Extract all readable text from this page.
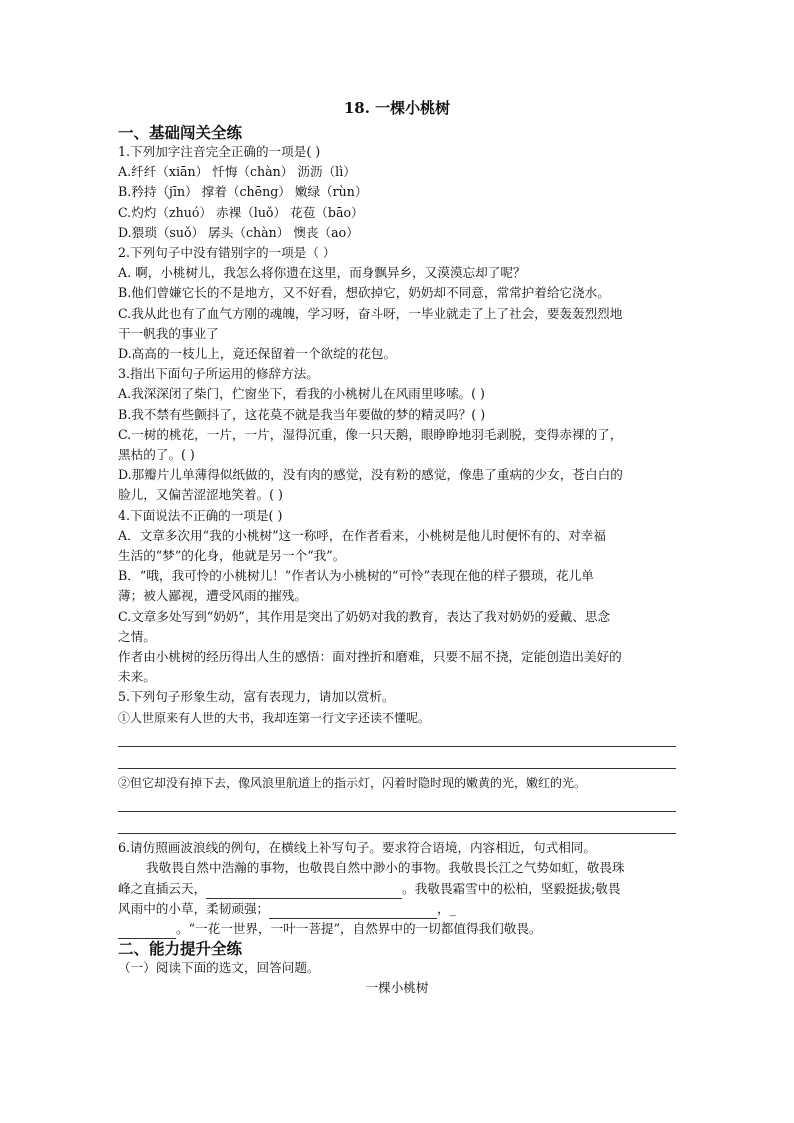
18. 一棵小桃树
一、基础闯关全练

1.下列加字注音完全正确的一项是( )

A.纤纤（xiān） 忏悔（chàn） 沥沥（lì）

B.矜持（jīn） 撑着（chēng） 嫩绿（rùn）

C.灼灼（zhuó） 赤裸（luǒ） 花苞（bāo）

D.猥琐（suǒ） 孱头（chàn） 懊丧（ao）

2.下列句子中没有错别字的一项是（ ）

A. 啊，小桃树儿，我怎么将你遗在这里，而身飘异乡，又漠漠忘却了呢？

B.他们曾嫌它长的不是地方，又不好看，想砍掉它，奶奶却不同意，常常护着给它浇水。

C.我从此也有了血气方刚的魂魄，学习呀，奋斗呀，一毕业就走了上了社会，要轰轰烈烈地

干一帆我的事业了

D.高高的一枝儿上，竟还保留着一个欲绽的花包。

3.指出下面句子所运用的修辞方法。

A.我深深闭了柴门，伫窗坐下，看我的小桃树儿在风雨里哆嗦。( )

B.我不禁有些颤抖了，这花莫不就是我当年要做的梦的精灵吗？( )

C.一树的桃花，一片，一片，湿得沉重，像一只天鹅，眼睁睁地羽毛剥脱，变得赤裸的了，

黑枯的了。( )

D.那瓣片儿单薄得似纸做的，没有肉的感觉，没有粉的感觉，像患了重病的少女，苍白白的

脸儿，又偏苦涩涩地笑着。( )

4.下面说法不正确的一项是( )

A．文章多次用“我的小桃树”这一称呼，在作者看来，小桃树是他儿时便怀有的、对幸福

生活的“梦”的化身，他就是另一个“我”。

B．“哦，我可怜的小桃树儿！”作者认为小桃树的“可怜”表现在他的样子猥琐，花儿单

薄；被人鄙视，遭受风雨的摧残。

C.文章多处写到“奶奶”，其作用是突出了奶奶对我的教育，表达了我对奶奶的爱戴、思念

之情。

作者由小桃树的经历得出人生的感悟：面对挫折和磨难，只要不屈不挠，定能创造出美好的

未来。

5.下列句子形象生动，富有表现力，请加以赏析。

①人世原来有人世的大书，我却连第一行文字还读不懂呢。

②但它却没有掉下去，像风浪里航道上的指示灯，闪着时隐时现的嫩黄的光，嫩红的光。

6.请仿照画波浪线的例句，在横线上补写句子。要求符合语境，内容相近，句式相同。

我敬畏自然中浩瀚的事物，也敬畏自然中渺小的事物。我敬畏长江之气势如虹，敬畏珠

峰之直插云天，	。我敬畏霜雪中的松柏，坚毅挺拔;敬畏

风雨中的小草，柔韧顽强；	，_

。“一花一世界，一叶一菩提”，自然界中的一切都值得我们敬畏。

二、能力提升全练

（一）阅读下面的选文，回答问题。

一棵小桃树
